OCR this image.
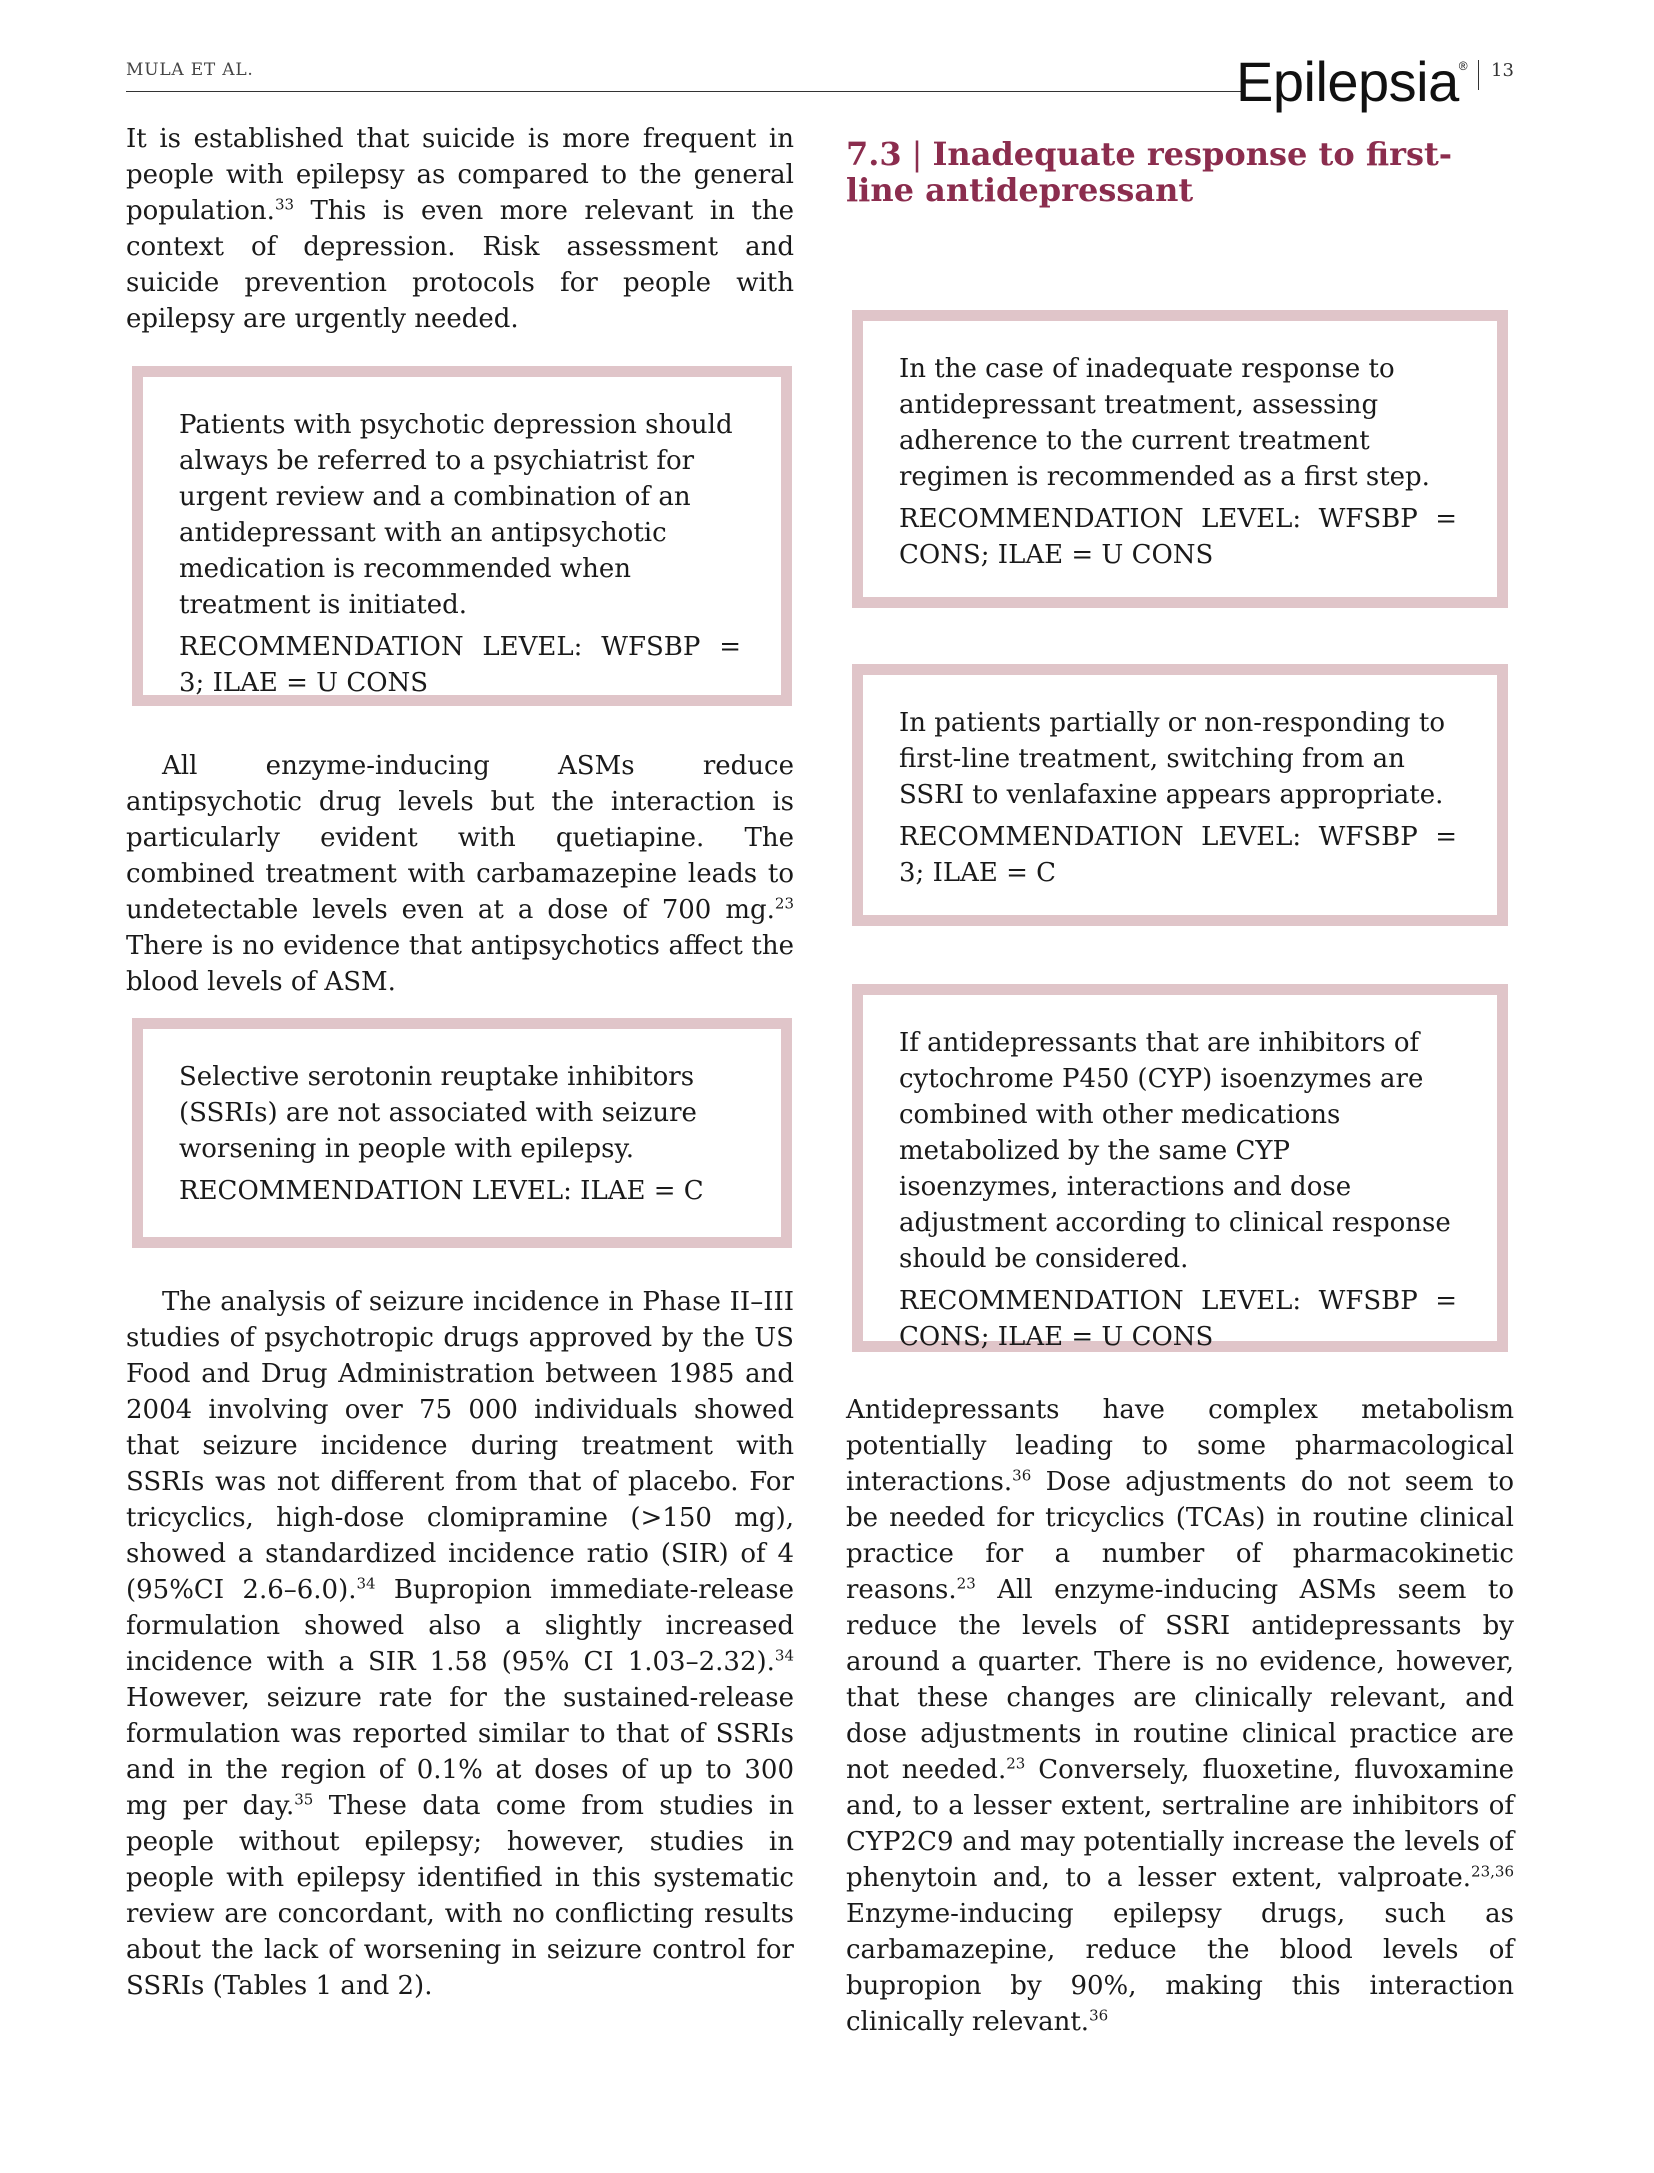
MULA ET AL.	Epilepsia® 13
It is established that suicide is more frequent in people with epilepsy as compared to the general population.$^{33}$ This is even more relevant in the context of depression. Risk assessment and suicide prevention protocols for people with epilepsy are urgently needed.

Patients with psychotic depression should always be referred to a psychiatrist for urgent review and a combination of an antidepressant with an antipsychotic medication is recommended when treatment is initiated.

RECOMMENDATION LEVEL: WFSBP = 3; ILAE = U CONS

All enzyme-inducing ASMs reduce antipsychotic drug levels but the interaction is particularly evident with quetiapine. The combined treatment with carbamazepine leads to undetectable levels even at a dose of 700 mg.$^{23}$ There is no evidence that antipsychotics affect the blood levels of ASM.

Selective serotonin reuptake inhibitors (SSRIs) are not associated with seizure worsening in people with epilepsy.

RECOMMENDATION LEVEL: ILAE = C

The analysis of seizure incidence in Phase II–III studies of psychotropic drugs approved by the US Food and Drug Administration between 1985 and 2004 involving over 75 000 individuals showed that seizure incidence during treatment with SSRIs was not different from that of placebo. For tricyclics, high-dose clomipramine (>150 mg), showed a standardized incidence ratio (SIR) of 4 (95%CI 2.6–6.0).$^{34}$ Bupropion immediate-release formulation showed also a slightly increased incidence with a SIR 1.58 (95% CI 1.03–2.32).$^{34}$ However, seizure rate for the sustained-release formulation was reported similar to that of SSRIs and in the region of 0.1% at doses of up to 300 mg per day.$^{35}$ These data come from studies in people without epilepsy; however, studies in people with epilepsy identified in this systematic review are concordant, with no conflicting results about the lack of worsening in seizure control for SSRIs (Tables 1 and 2).
7.3 | Inadequate response to first-line antidepressant

In the case of inadequate response to antidepressant treatment, assessing adherence to the current treatment regimen is recommended as a first step.

RECOMMENDATION LEVEL: WFSBP = CONS; ILAE = U CONS

In patients partially or non-responding to first-line treatment, switching from an SSRI to venlafaxine appears appropriate.

RECOMMENDATION LEVEL: WFSBP = 3; ILAE = C

If antidepressants that are inhibitors of cytochrome P450 (CYP) isoenzymes are combined with other medications metabolized by the same CYP isoenzymes, interactions and dose adjustment according to clinical response should be considered.

RECOMMENDATION LEVEL: WFSBP = CONS; ILAE = U CONS

Antidepressants have complex metabolism potentially leading to some pharmacological interactions.$^{36}$ Dose adjustments do not seem to be needed for tricyclics (TCAs) in routine clinical practice for a number of pharmacokinetic reasons.$^{23}$ All enzyme-inducing ASMs seem to reduce the levels of SSRI antidepressants by around a quarter. There is no evidence, however, that these changes are clinically relevant, and dose adjustments in routine clinical practice are not needed.$^{23}$ Conversely, fluoxetine, fluvoxamine and, to a lesser extent, sertraline are inhibitors of CYP2C9 and may potentially increase the levels of phenytoin and, to a lesser extent, valproate.$^{23,36}$ Enzyme-inducing epilepsy drugs, such as carbamazepine, reduce the blood levels of bupropion by 90%, making this interaction clinically relevant.$^{36}$
